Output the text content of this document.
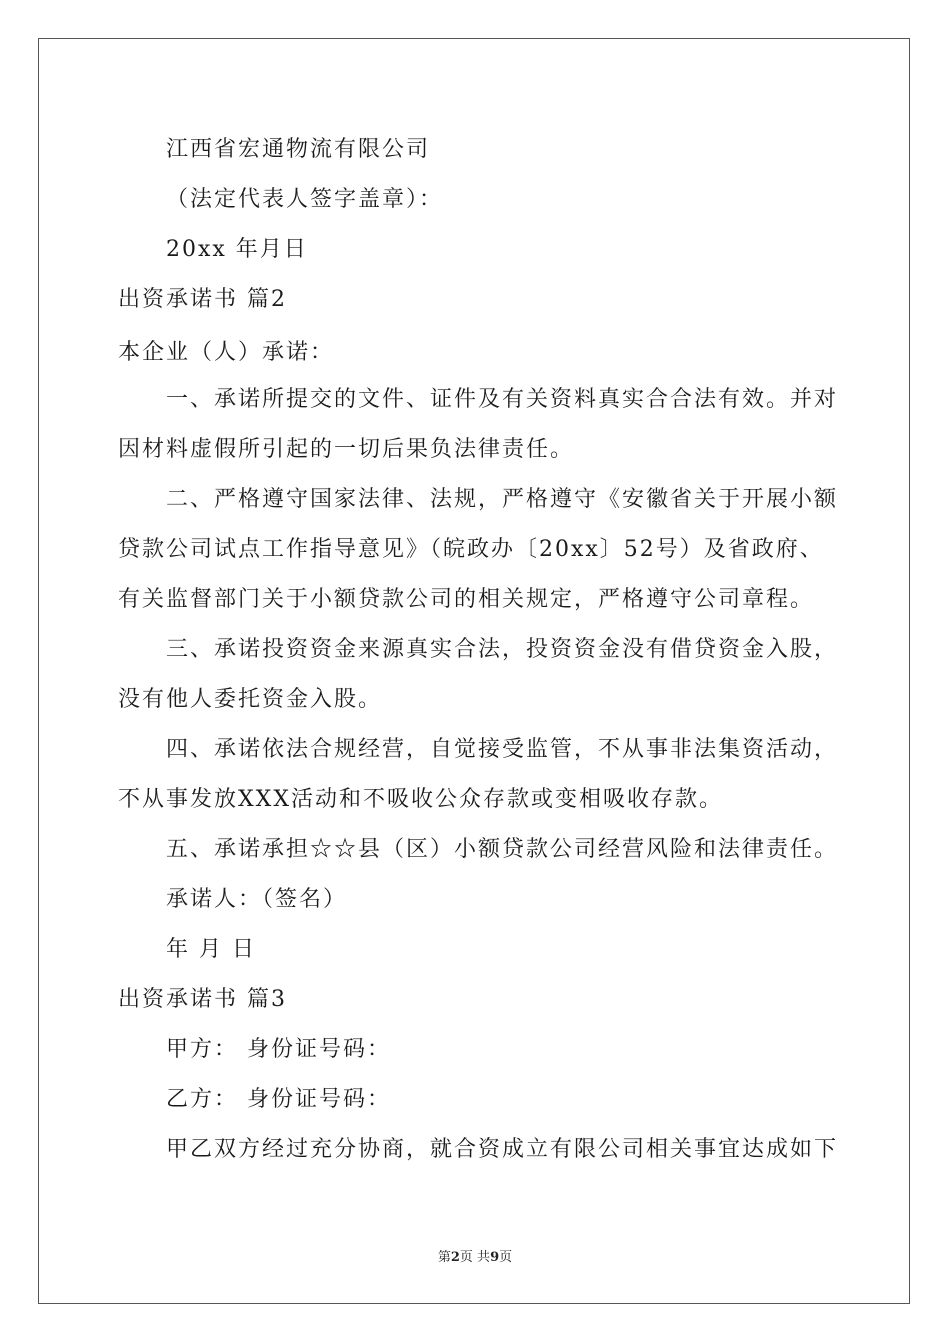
江西省宏通物流有限公司
（法定代表人签字盖章）：
20xx 年月日
出资承诺书 篇2
本企业（人）承诺：
一、承诺所提交的文件、证件及有关资料真实合合法有效。并对
因材料虚假所引起的一切后果负法律责任。
二、严格遵守国家法律、法规，严格遵守《安徽省关于开展小额
贷款公司试点工作指导意见》（皖政办〔20xx〕52号）及省政府、
有关监督部门关于小额贷款公司的相关规定，严格遵守公司章程。
三、承诺投资资金来源真实合法，投资资金没有借贷资金入股，
没有他人委托资金入股。
四、承诺依法合规经营，自觉接受监管，不从事非法集资活动，
不从事发放XXX活动和不吸收公众存款或变相吸收存款。
五、承诺承担☆☆县（区）小额贷款公司经营风险和法律责任。
承诺人：（签名）
年 月 日
出资承诺书 篇3
甲方： 身份证号码：
乙方： 身份证号码：
甲乙双方经过充分协商，就合资成立有限公司相关事宜达成如下
第2页 共9页
